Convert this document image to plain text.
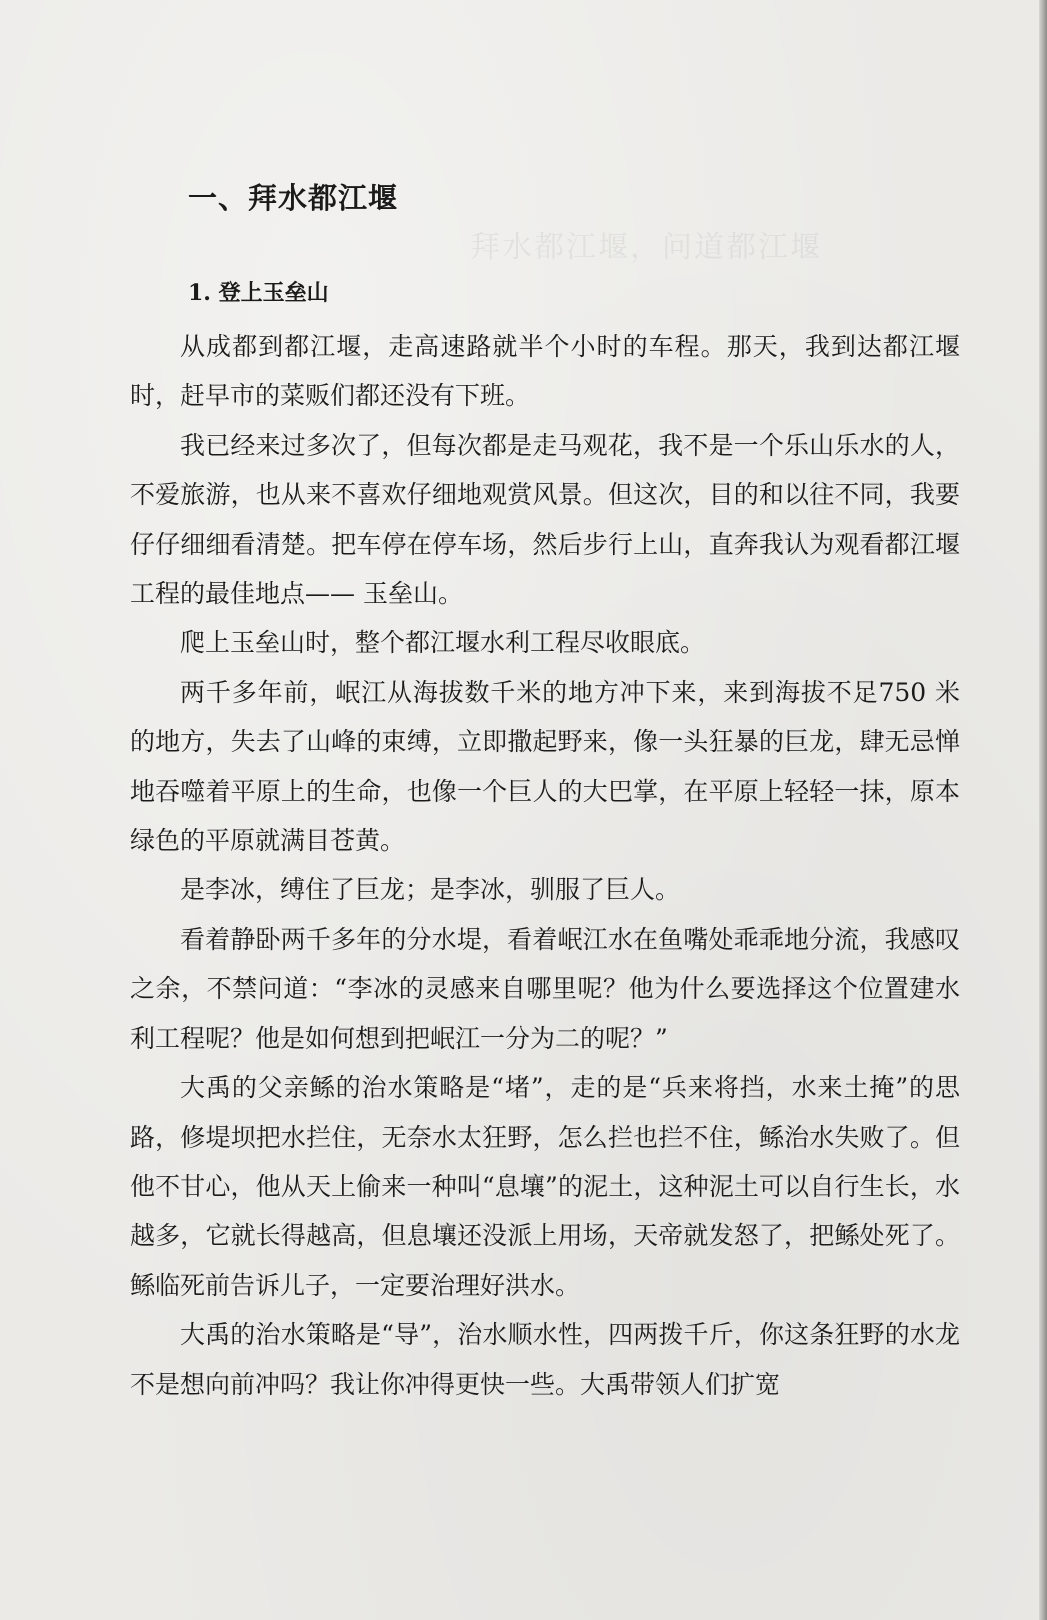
拜水都江堰，问道都江堰
一、拜水都江堰
1. 登上玉垒山

从成都到都江堰，走高速路就半个小时的车程。那天，我到达都江堰时，赶早市的菜贩们都还没有下班。

我已经来过多次了，但每次都是走马观花，我不是一个乐山乐水的人，不爱旅游，也从来不喜欢仔细地观赏风景。但这次，目的和以往不同，我要仔仔细细看清楚。把车停在停车场，然后步行上山，直奔我认为观看都江堰工程的最佳地点—— 玉垒山。

爬上玉垒山时，整个都江堰水利工程尽收眼底。

两千多年前，岷江从海拔数千米的地方冲下来，来到海拔不足750 米的地方，失去了山峰的束缚，立即撒起野来，像一头狂暴的巨龙，肆无忌惮地吞噬着平原上的生命，也像一个巨人的大巴掌，在平原上轻轻一抹，原本绿色的平原就满目苍黄。

是李冰，缚住了巨龙；是李冰，驯服了巨人。

看着静卧两千多年的分水堤，看着岷江水在鱼嘴处乖乖地分流，我感叹之余，不禁问道：“李冰的灵感来自哪里呢？他为什么要选择这个位置建水利工程呢？他是如何想到把岷江一分为二的呢？”

大禹的父亲鲧的治水策略是“堵”，走的是“兵来将挡，水来土掩”的思路，修堤坝把水拦住，无奈水太狂野，怎么拦也拦不住，鲧治水失败了。但他不甘心，他从天上偷来一种叫“息壤”的泥土，这种泥土可以自行生长，水越多，它就长得越高，但息壤还没派上用场，天帝就发怒了，把鲧处死了。鲧临死前告诉儿子，一定要治理好洪水。

大禹的治水策略是“导”，治水顺水性，四两拨千斤，你这条狂野的水龙不是想向前冲吗？我让你冲得更快一些。大禹带领人们扩宽
